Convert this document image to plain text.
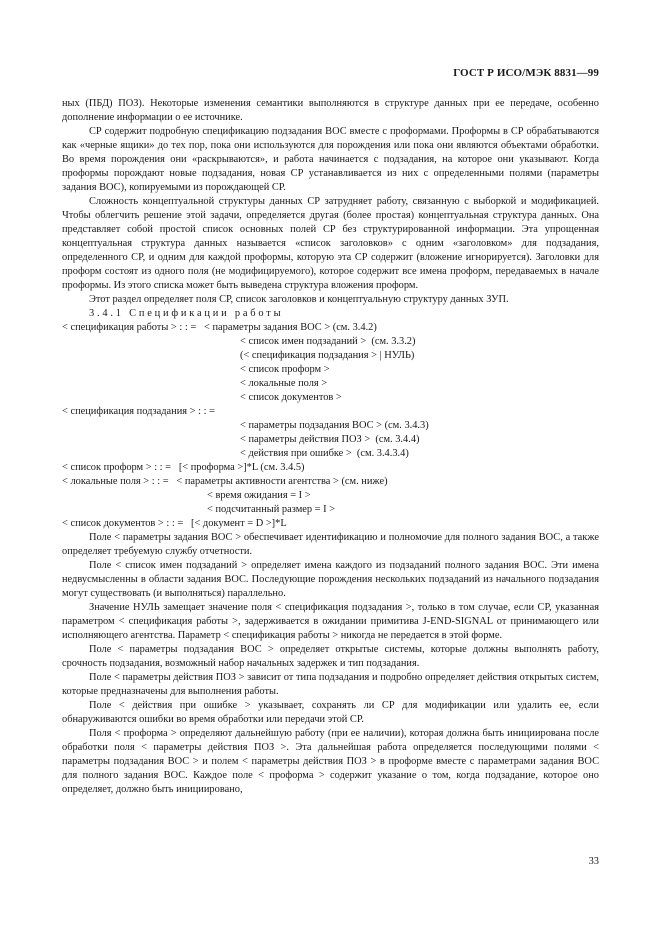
ГОСТ Р ИСО/МЭК 8831—99

ных (ПБД) ПОЗ). Некоторые изменения семантики выполняются в структуре данных при ее передаче, особенно дополнение информации о ее источнике.

СР содержит подробную спецификацию подзадания ВОС вместе с проформами. Проформы в СР обрабатываются как «черные ящики» до тех пор, пока они используются для порождения или пока они являются объектами обработки. Во время порождения они «раскрываются», и работа начинается с подзадания, на которое они указывают. Когда проформы порождают новые подзадания, новая СР устанавливается из них с определенными полями (параметры задания ВОС), копируемыми из порождающей СР.

Сложность концептуальной структуры данных СР затрудняет работу, связанную с выборкой и модификацией. Чтобы облегчить решение этой задачи, определяется другая (более простая) концептуальная структура данных. Она представляет собой простой список основных полей СР без структурированной информации. Эта упрощенная концептуальная структура данных называется «список заголовков» с одним «заголовком» для подзадания, определенного СР, и одним для каждой проформы, которую эта СР содержит (вложение игнорируется). Заголовки для проформ состоят из одного поля (не модифицируемого), которое содержит все имена проформ, передаваемых в начале проформы. Из этого списка может быть выведена структура вложения проформ.

Этот раздел определяет поля СР, список заголовков и концептуальную структуру данных ЗУП.

3.4.1 Спецификации работы

< спецификация работы > : : =   < параметры задания ВОС > (см. 3.4.2)

< список имен подзаданий >  (см. 3.3.2)

(< спецификация подзадания > | НУЛЬ)

< список проформ >

< локальные поля >

< список документов >

< спецификация подзадания > : : =

< параметры подзадания ВОС > (см. 3.4.3)

< параметры действия ПОЗ >  (см. 3.4.4)

< действия при ошибке >  (см. 3.4.3.4)

< список проформ > : : =   [< проформа >]*L (см. 3.4.5)

< локальные поля > : : =   < параметры активности агентства > (см. ниже)

< время ожидания = I >

< подсчитанный размер = I >

< список документов > : : =   [< документ = D >]*L

Поле < параметры задания ВОС > обеспечивает идентификацию и полномочие для полного задания ВОС, а также определяет требуемую службу отчетности.

Поле < список имен подзаданий > определяет имена каждого из подзаданий полного задания ВОС. Эти имена недвусмысленны в области задания ВОС. Последующие порождения нескольких подзаданий из начального подзадания могут существовать (и выполняться) параллельно.

Значение НУЛЬ замещает значение поля < спецификация подзадания >, только в том случае, если СР, указанная параметром < спецификация работы >, задерживается в ожидании примитива J-END-SIGNAL от принимающего или исполняющего агентства. Параметр < спецификация работы > никогда не передается в этой форме.

Поле < параметры подзадания ВОС > определяет открытые системы, которые должны выполнять работу, срочность подзадания, возможный набор начальных задержек и тип подзадания.

Поле < параметры действия ПОЗ > зависит от типа подзадания и подробно определяет действия открытых систем, которые предназначены для выполнения работы.

Поле < действия при ошибке > указывает, сохранять ли СР для модификации или удалить ее, если обнаруживаются ошибки во время обработки или передачи этой СР.

Поля < проформа > определяют дальнейшую работу (при ее наличии), которая должна быть инициирована после обработки поля < параметры действия ПОЗ >. Эта дальнейшая работа определяется последующими полями < параметры подзадания ВОС > и полем < параметры действия ПОЗ > в проформе вместе с параметрами задания ВОС для полного задания ВОС. Каждое поле < проформа > содержит указание о том, когда подзадание, которое оно определяет, должно быть инициировано,

33
